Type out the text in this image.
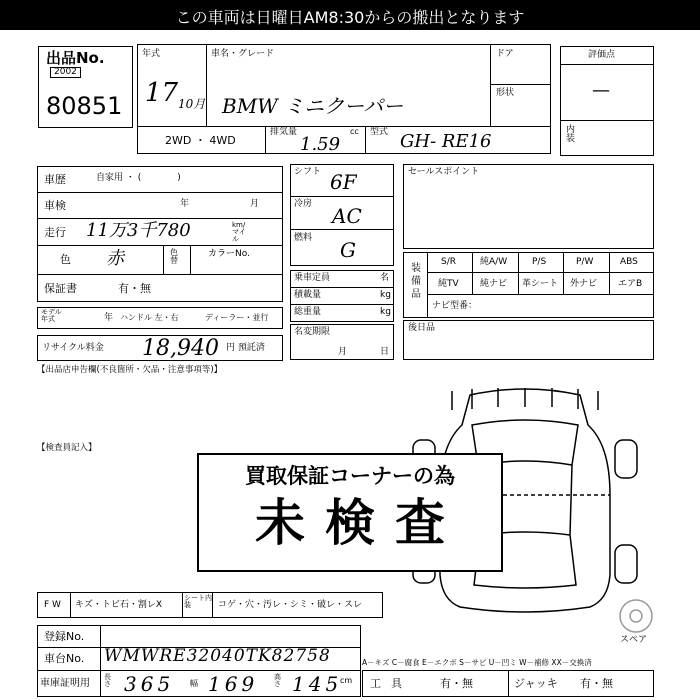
この車両は日曜日AM8:30からの搬出となります
出品No.
2002
80851
年式
17 10月
車名・グレード
BMW ミニクーパー
ドア
形状
2WD ・ 4WD
排気量
1.59
cc 型式 GH- RE16
評価点
—
内装
車歴	自家用 ・ (　　　　)
車検	年	月
走行 11万3千780	km/マイル
色 赤	色替
カラーNo.
保証書	有・無
モデル年式	年 ハンドル 左・右	ディーラー・並行
リサイクル料金 18,940 円 預託済
【出品店申告欄(不良箇所・欠品・注意事項等)】
シフト 6F
冷房 AC
燃料 G
乗車定員	名
積載量	kg
総重量	kg
名変期限
月	日
セールスポイント
装備品
S/R	純A/W	P/S	P/W	ABS
純TV 純ナビ 革シート 外ナビ エアB
ナビ型番：
後日品
スペア
【検査員記入】
買取保証コーナーの為
未検査
F W キズ・トビ石・割レX
シート内装	コゲ・穴・汚レ・シミ・破レ・スレ
登録No.
車台No. WMWRE32040TK82758
車庫証明用
長さ 365 幅 169 高さ 145
cm
A－キズ C－腐食 E－エクボ S－サビ U－凹ミ W－補修 XX－交換済
工具	有・無	ジャッキ 有・無
